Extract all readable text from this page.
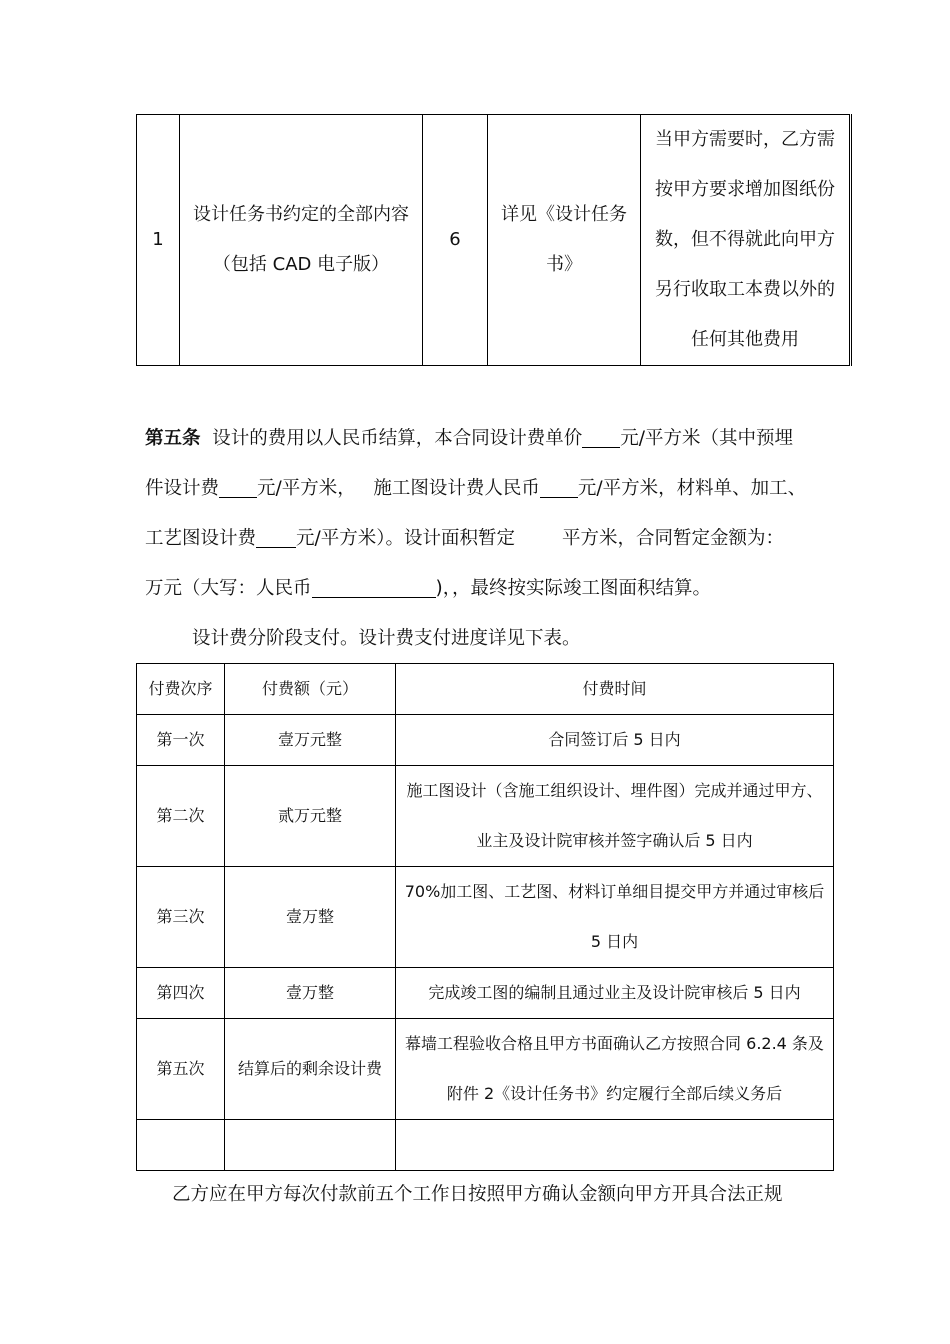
1	设计任务书约定的全部内容（包括 CAD 电子版）	6	详见《设计任务书》	当甲方需要时，乙方需按甲方要求增加图纸份数，但不得就此向甲方另行收取工本费以外的任何其他费用
第五条 设计的费用以人民币结算，本合同设计费单价 元/平方米（其中预埋
件设计费 元/平方米， 施工图设计费人民币 元/平方米，材料单、加工、
工艺图设计费 元/平方米）。设计面积暂定	平方米，合同暂定金额为：
万元（大写：人民币	)，，最终按实际竣工图面积结算。
设计费分阶段支付。设计费支付进度详见下表。
付费次序	付费额（元）	付费时间
第一次	壹万元整	合同签订后 5 日内
第二次	贰万元整	施工图设计（含施工组织设计、埋件图）完成并通过甲方、业主及设计院审核并签字确认后 5 日内
第三次	壹万整	70%加工图、工艺图、材料订单细目提交甲方并通过审核后 5 日内
第四次	壹万整	完成竣工图的编制且通过业主及设计院审核后 5 日内
第五次	结算后的剩余设计费	幕墙工程验收合格且甲方书面确认乙方按照合同 6.2.4 条及附件 2《设计任务书》约定履行全部后续义务后

乙方应在甲方每次付款前五个工作日按照甲方确认金额向甲方开具合法正规
